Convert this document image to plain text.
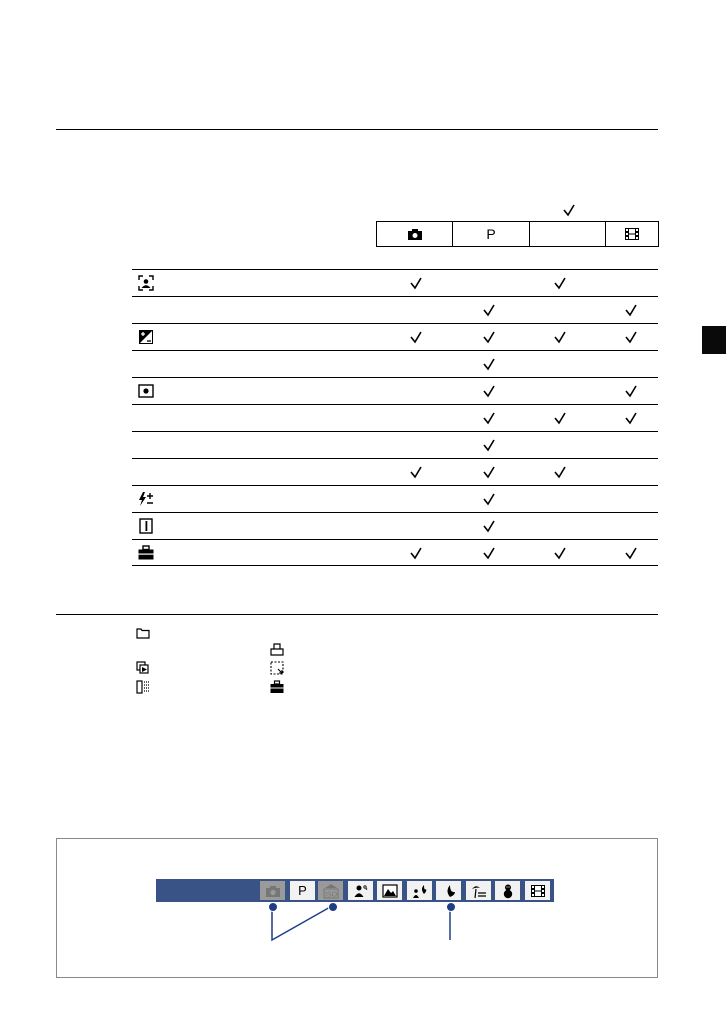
P
P	ISO
